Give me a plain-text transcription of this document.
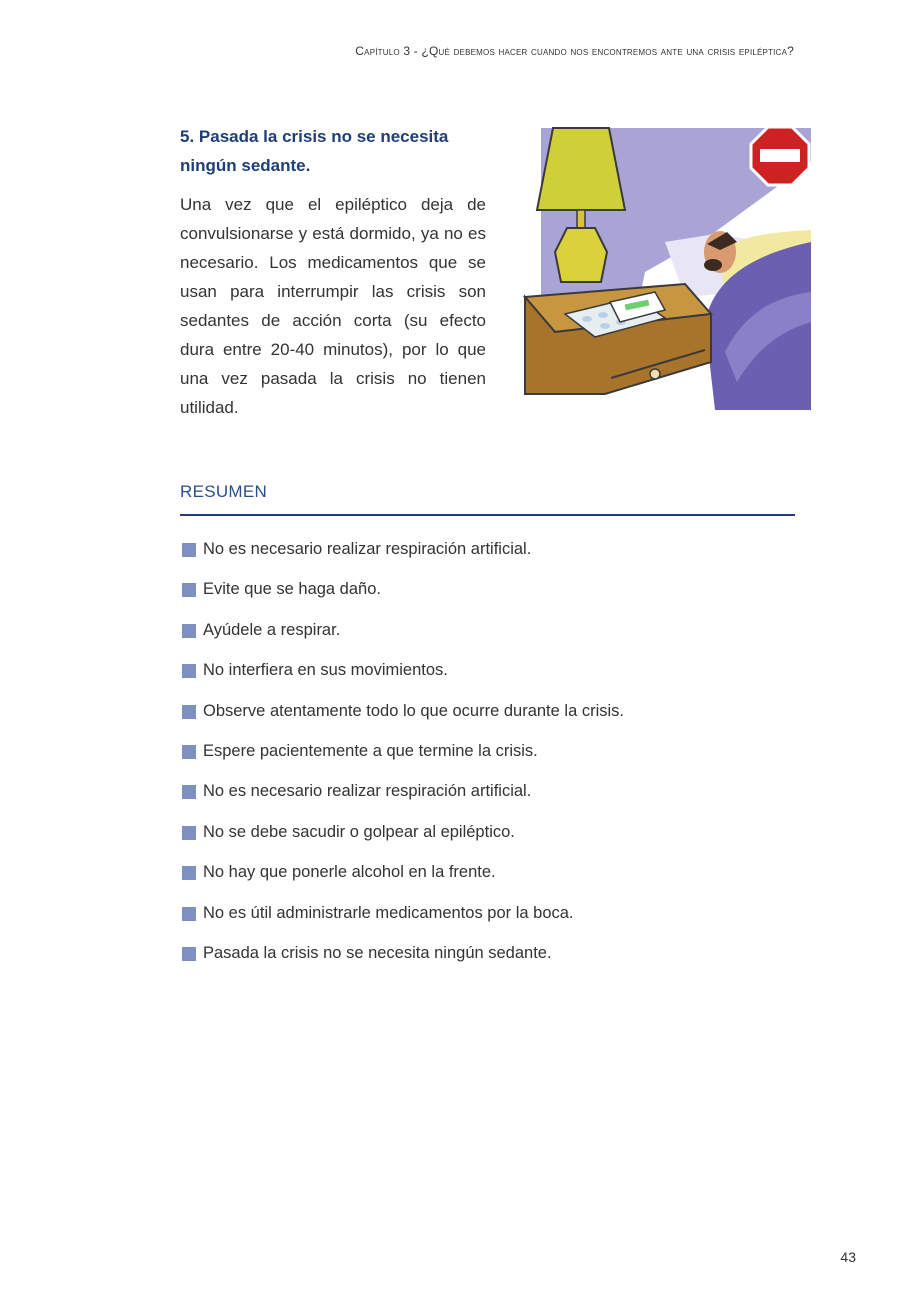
Capítulo 3 - ¿Qué debemos hacer cuando nos encontremos ante una crisis epiléptica?
5. Pasada la crisis no se necesita ningún sedante.
Una vez que el epiléptico deja de convulsionarse y está dormido, ya no es necesario. Los medicamentos que se usan para interrumpir las crisis son sedantes de acción corta (su efecto dura entre 20-40 minutos), por lo que una vez pasada la crisis no tienen utilidad.
RESUMEN
No es necesario realizar respiración artificial.
Evite que se haga daño.
Ayúdele a respirar.
No interfiera en sus movimientos.
Observe atentamente todo lo que ocurre durante la crisis.
Espere pacientemente a que termine la crisis.
No es necesario realizar respiración artificial.
No se debe sacudir o golpear al epiléptico.
No hay que ponerle alcohol en la frente.
No es útil administrarle medicamentos por la boca.
Pasada la crisis no se necesita ningún sedante.
43
